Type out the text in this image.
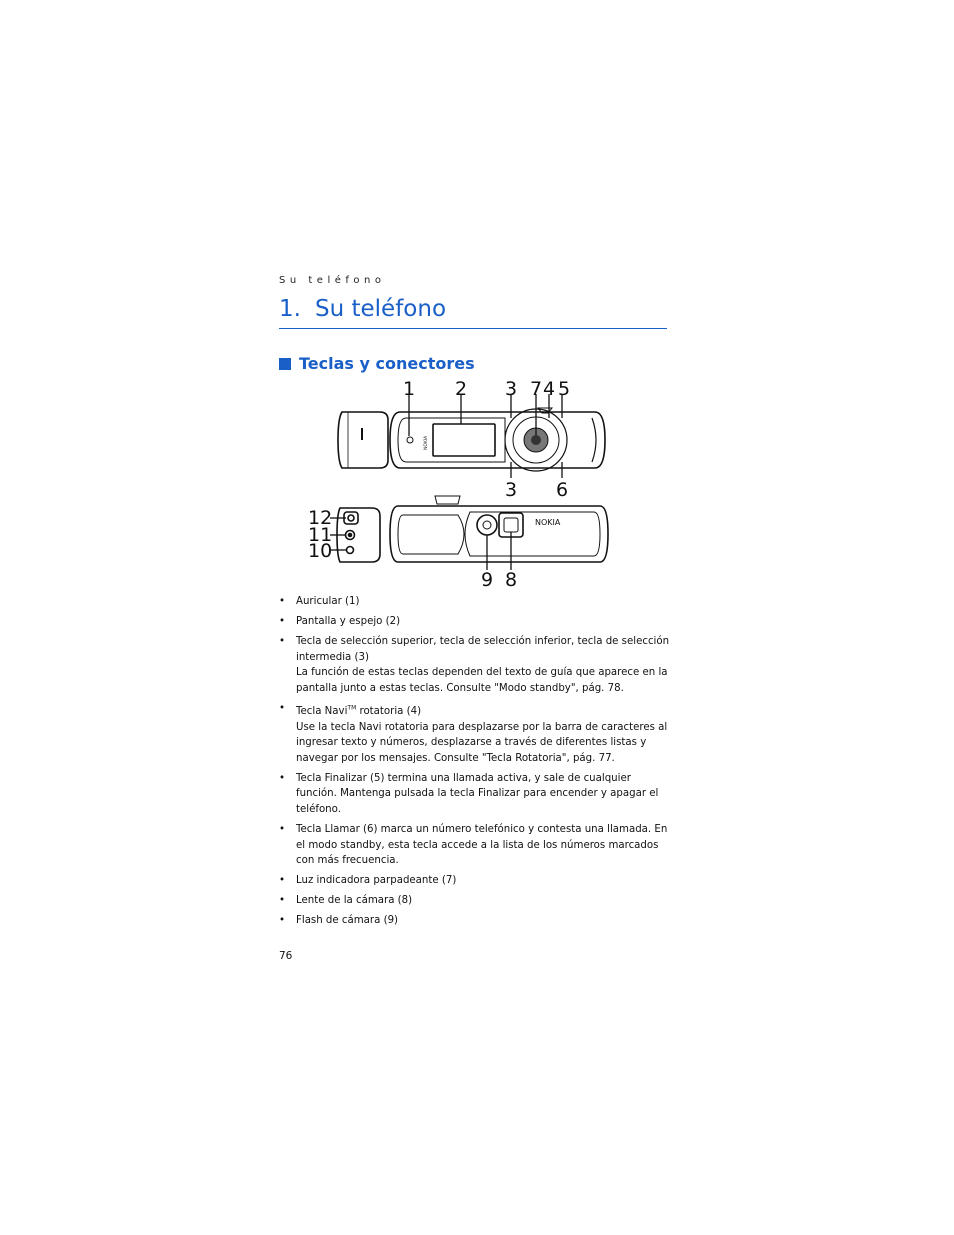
Su teléfono
1. Su teléfono
Teclas y conectores
NOKIA
NOKIA
1 2 3 7 4 5
3 6
12
11
10
9 8
• Auricular (1)
• Pantalla y espejo (2)
• Tecla de selección superior, tecla de selección inferior, tecla de selección intermedia (3)
La función de estas teclas dependen del texto de guía que aparece en la pantalla junto a estas teclas. Consulte "Modo standby", pág. 78.
• Tecla Navi™ rotatoria (4)
Use la tecla Navi rotatoria para desplazarse por la barra de caracteres al ingresar texto y números, desplazarse a través de diferentes listas y navegar por los mensajes. Consulte "Tecla Rotatoria", pág. 77.
• Tecla Finalizar (5) termina una llamada activa, y sale de cualquier función. Mantenga pulsada la tecla Finalizar para encender y apagar el teléfono.
• Tecla Llamar (6) marca un número telefónico y contesta una llamada. En el modo standby, esta tecla accede a la lista de los números marcados con más frecuencia.
• Luz indicadora parpadeante (7)
• Lente de la cámara (8)
• Flash de cámara (9)
76
